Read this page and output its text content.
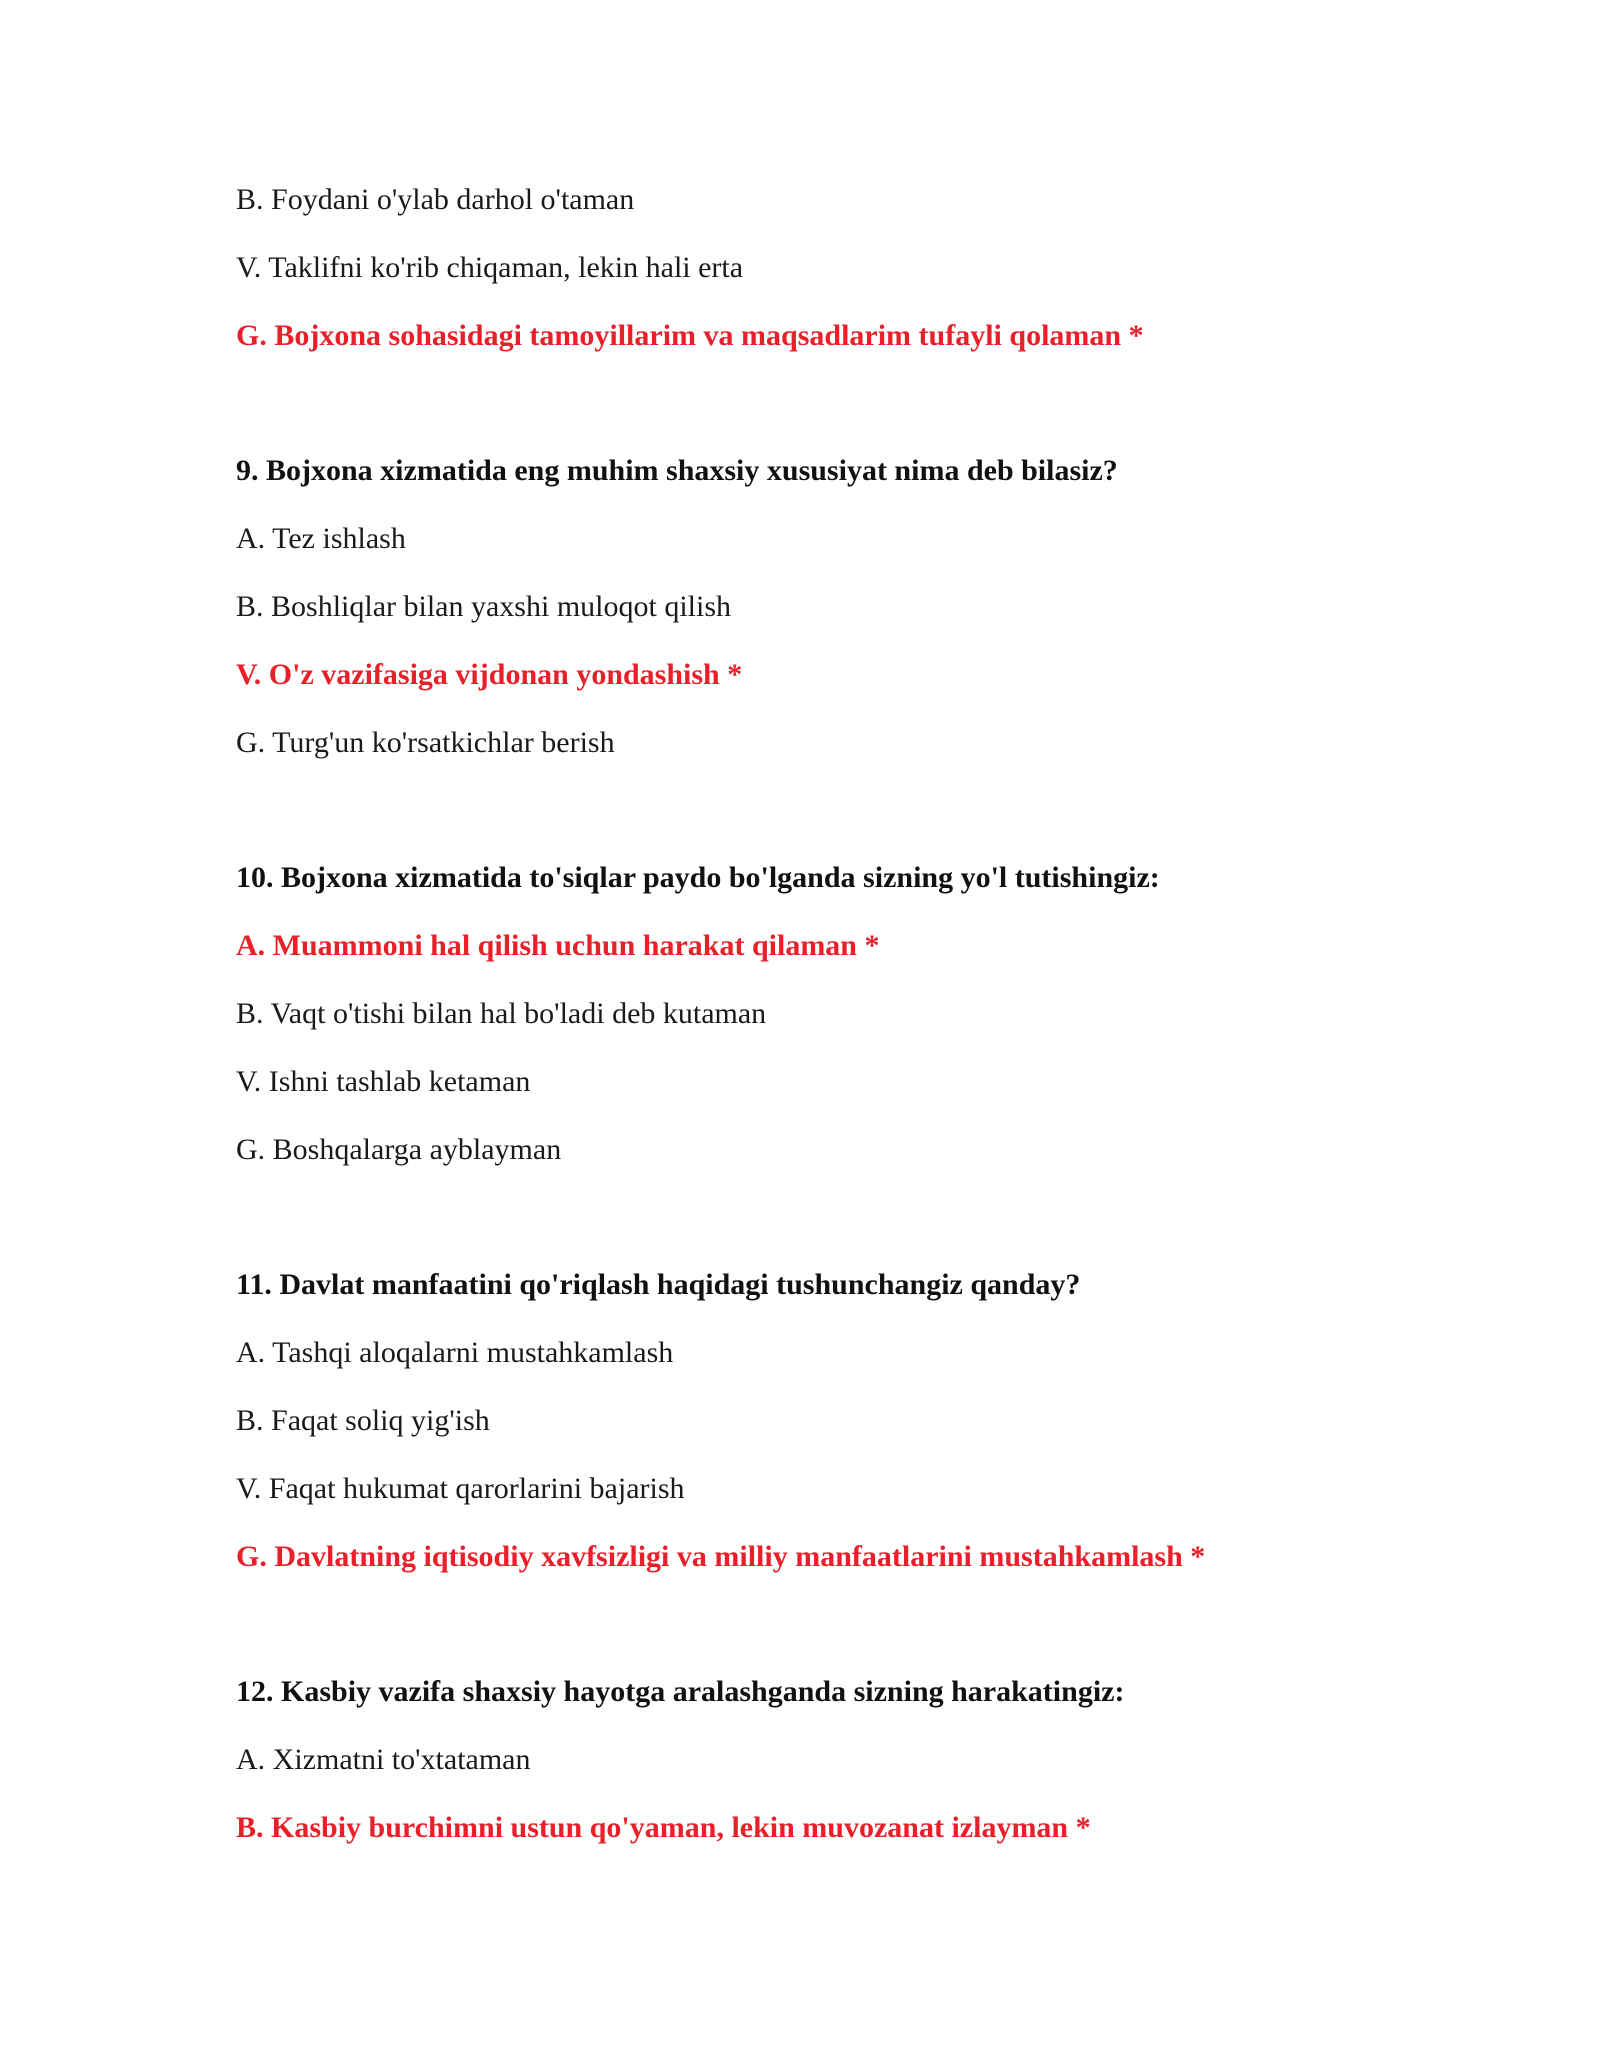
B. Foydani o'ylab darhol o'taman
V. Taklifni ko'rib chiqaman, lekin hali erta
G. Bojxona sohasidagi tamoyillarim va maqsadlarim tufayli qolaman *
9. Bojxona xizmatida eng muhim shaxsiy xususiyat nima deb bilasiz?
A. Tez ishlash
B. Boshliqlar bilan yaxshi muloqot qilish
V. O'z vazifasiga vijdonan yondashish *
G. Turg'un ko'rsatkichlar berish
10. Bojxona xizmatida to'siqlar paydo bo'lganda sizning yo'l tutishingiz:
A. Muammoni hal qilish uchun harakat qilaman *
B. Vaqt o'tishi bilan hal bo'ladi deb kutaman
V. Ishni tashlab ketaman
G. Boshqalarga ayblayman
11. Davlat manfaatini qo'riqlash haqidagi tushunchangiz qanday?
A. Tashqi aloqalarni mustahkamlash
B. Faqat soliq yig'ish
V. Faqat hukumat qarorlarini bajarish
G. Davlatning iqtisodiy xavfsizligi va milliy manfaatlarini mustahkamlash *
12. Kasbiy vazifa shaxsiy hayotga aralashganda sizning harakatingiz:
A. Xizmatni to'xtataman
B. Kasbiy burchimni ustun qo'yaman, lekin muvozanat izlayman *
